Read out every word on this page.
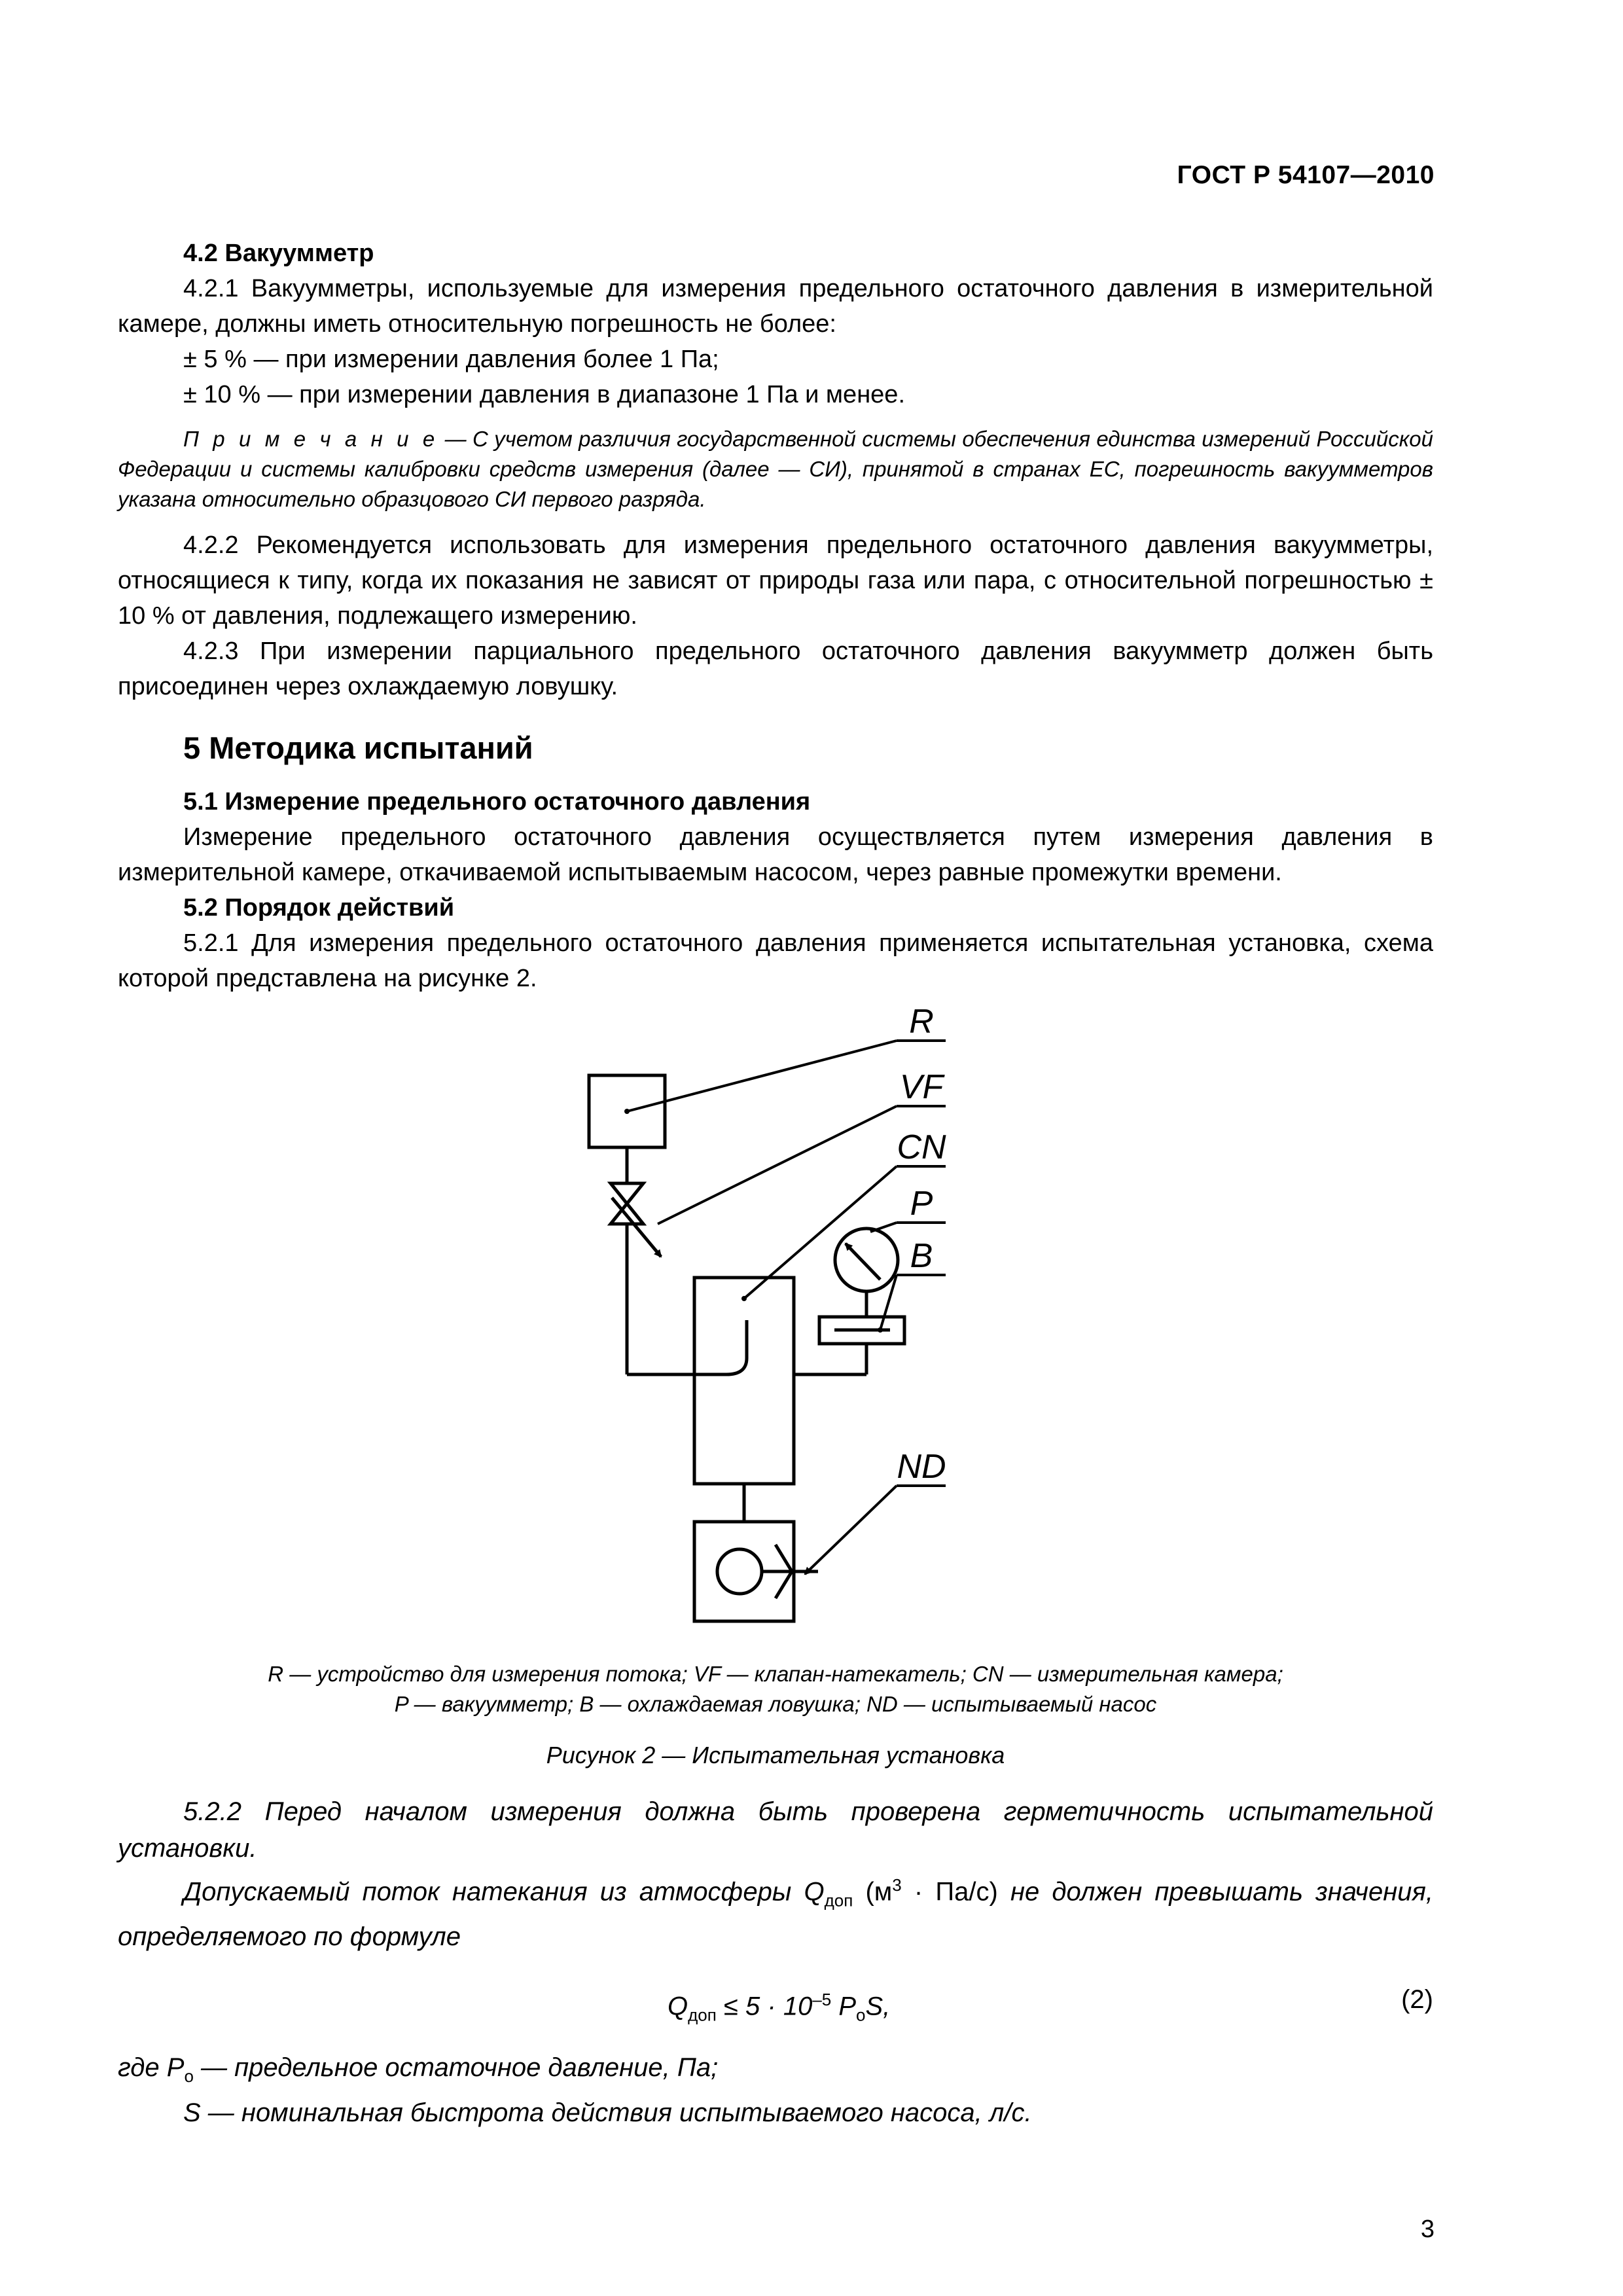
ГОСТ Р 54107—2010
4.2 Вакуумметр

4.2.1 Вакуумметры, используемые для измерения предельного остаточного давления в измерительной камере, должны иметь относительную погрешность не более:

± 5 % — при измерении давления более 1 Па;
± 10 % — при измерении давления в диапазоне 1 Па и менее.
П р и м е ч а н и е — С учетом различия государственной системы обеспечения единства измерений Российской Федерации и системы калибровки средств измерения (далее — СИ), принятой в странах ЕС, погрешность вакуумметров указана относительно образцового СИ первого разряда.

4.2.2 Рекомендуется использовать для измерения предельного остаточного давления вакуумметры, относящиеся к типу, когда их показания не зависят от природы газа или пара, с относительной погрешностью ± 10 % от давления, подлежащего измерению.

4.2.3 При измерении парциального предельного остаточного давления вакуумметр должен быть присоединен через охлаждаемую ловушку.

5 Методика испытаний
5.1 Измерение предельного остаточного давления

Измерение предельного остаточного давления осуществляется путем измерения давления в измерительной камере, откачиваемой испытываемым насосом, через равные промежутки времени.

5.2 Порядок действий

5.2.1 Для измерения предельного остаточного давления применяется испытательная установка, схема которой представлена на рисунке 2.

R
VF
CN
P
B
ND
R — устройство для измерения потока; VF — клапан-натекатель; CN — измерительная камера;
P — вакуумметр; B — охлаждаемая ловушка; ND — испытываемый насос
Рисунок 2 — Испытательная установка

5.2.2 Перед началом измерения должна быть проверена герметичность испытательной установки.

Допускаемый поток натекания из атмосферы $Q_{доп}$ $(м^3 \cdot Па/с)$ не должен превышать значения, определяемого по формуле

$Q_{доп} \le 5 \cdot 10^{-5}$ $P_оS$,	(2)
где $P_о$ — предельное остаточное давление, Па;
S — номинальная быстрота действия испытываемого насоса, л/с.
3
